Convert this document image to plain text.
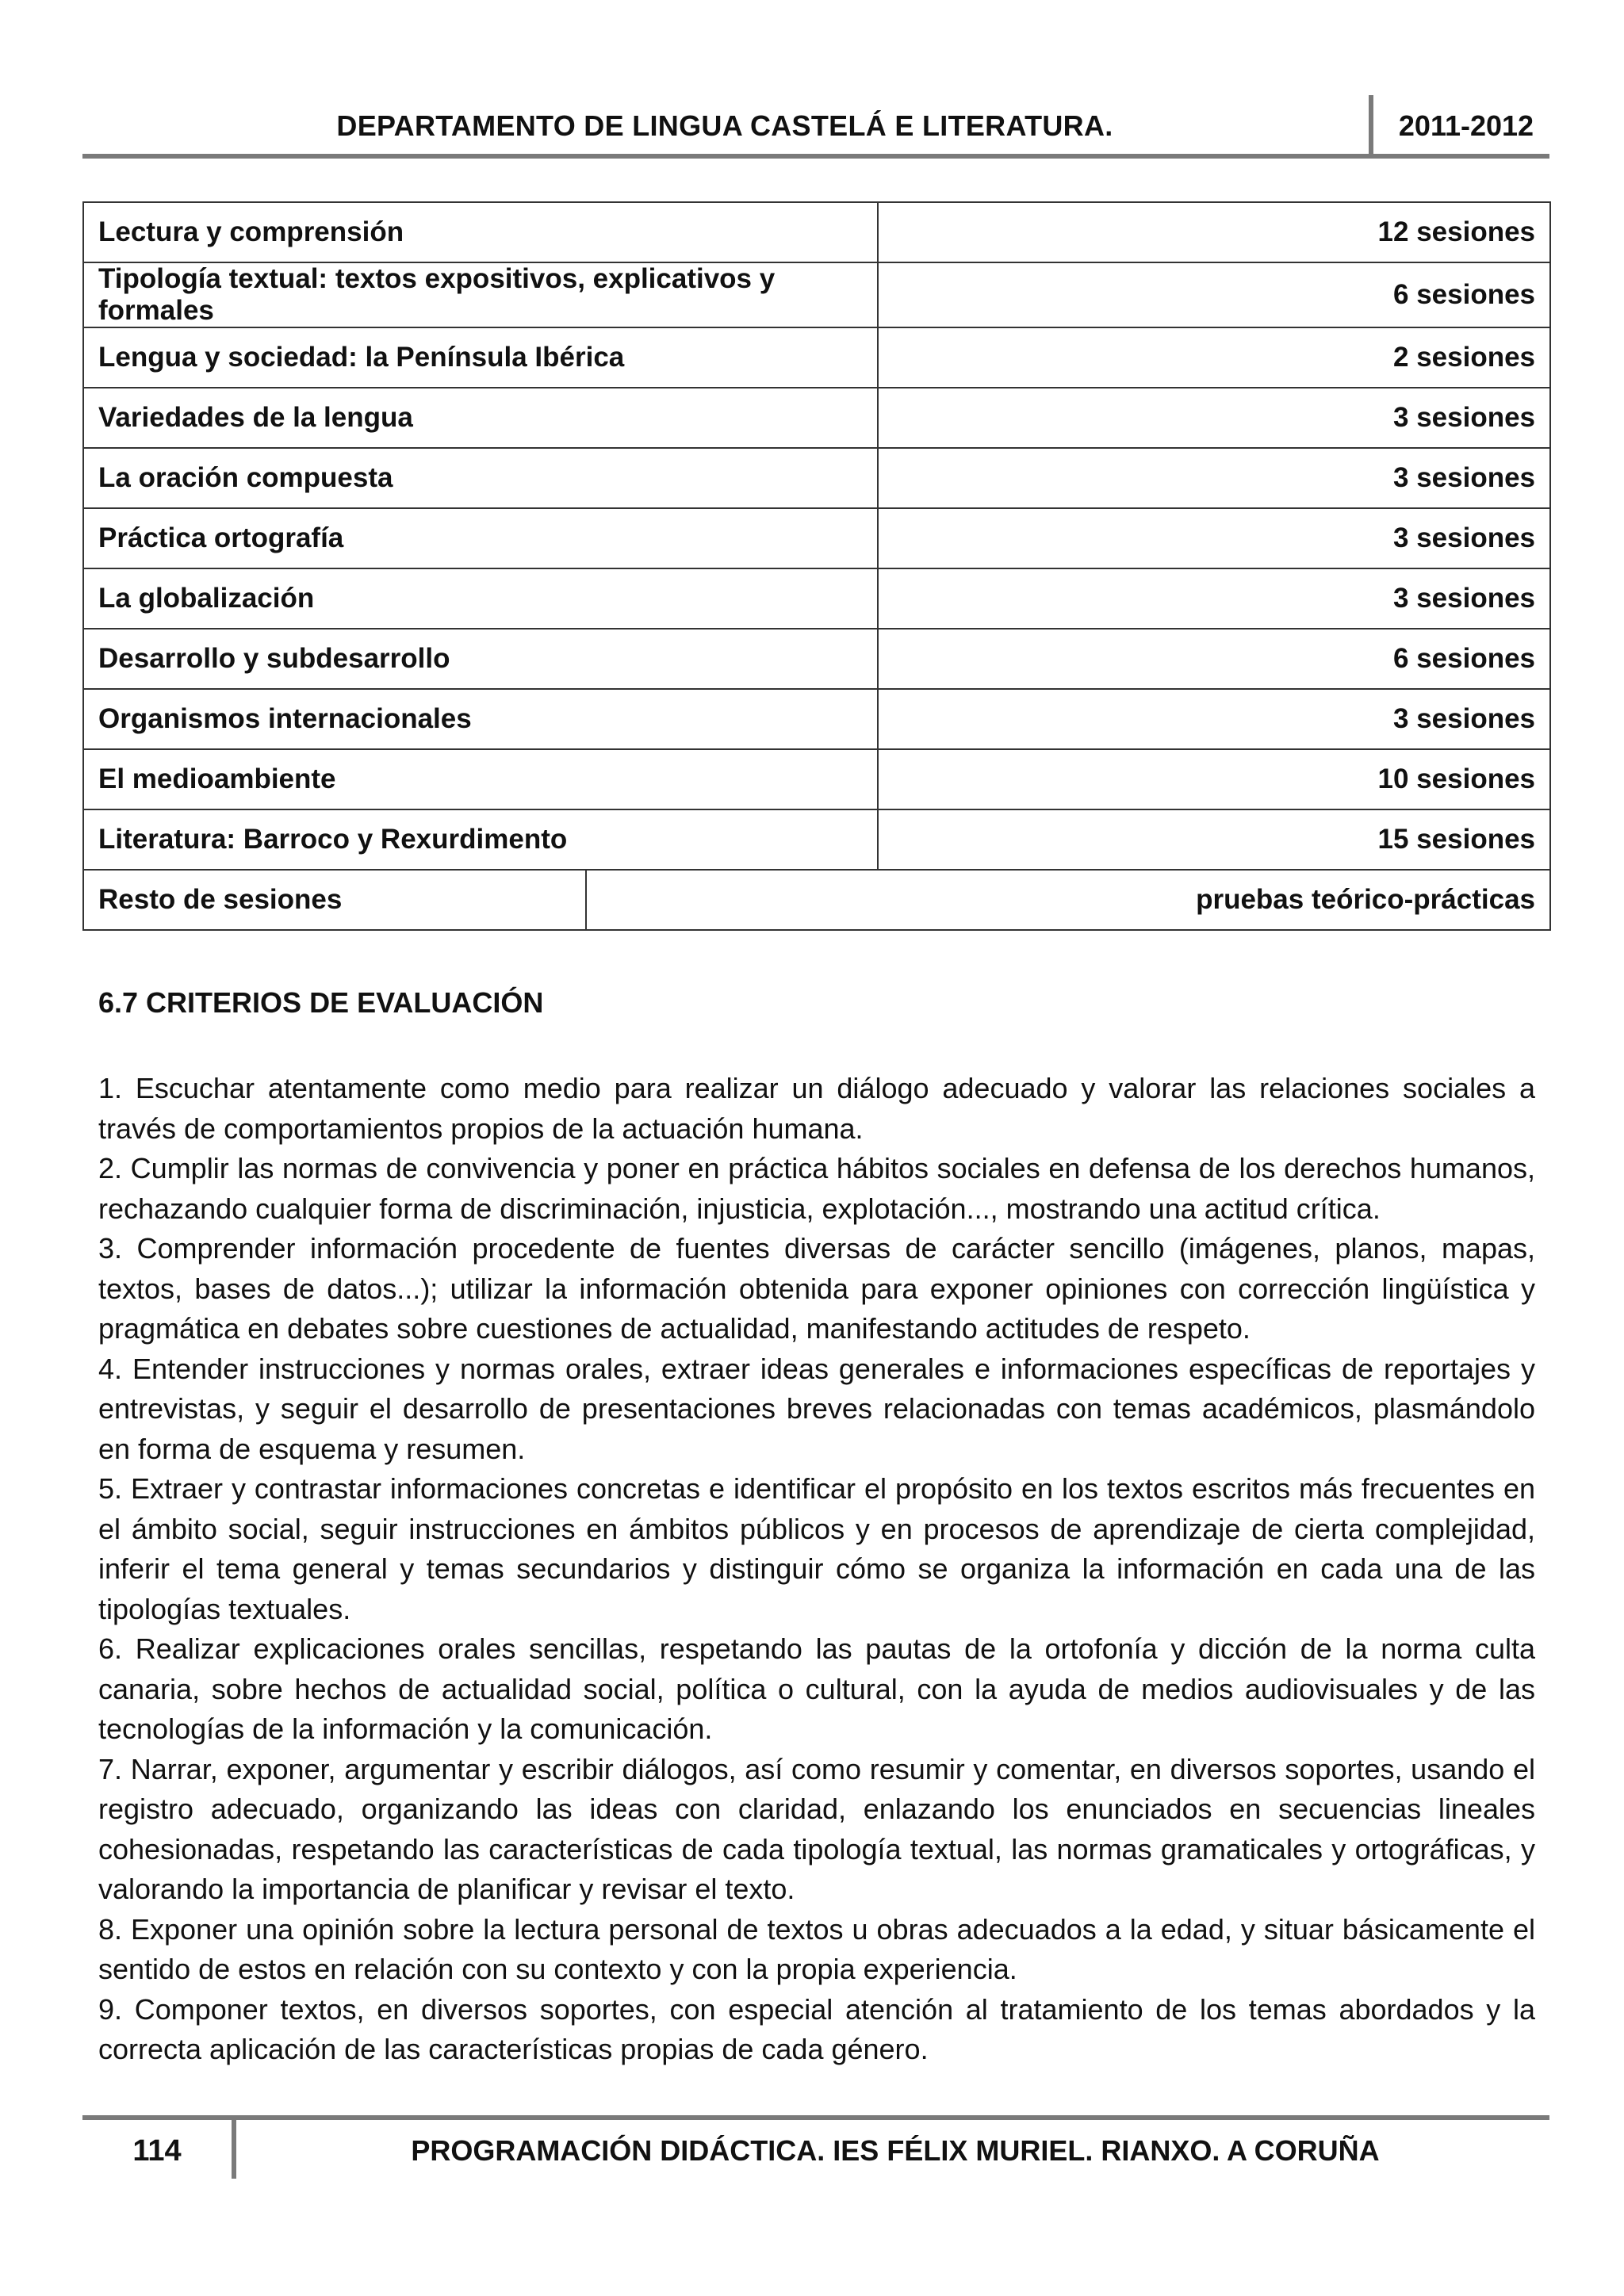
DEPARTAMENTO DE LINGUA CASTELÁ E LITERATURA.	2011-2012
Lectura y comprensión		12 sesiones
Tipología textual: textos expositivos, explicativos y formales		6 sesiones
Lengua y sociedad: la Península Ibérica		2 sesiones
Variedades de la lengua		3 sesiones
La oración compuesta		3 sesiones
Práctica ortografía		3 sesiones
La globalización		3 sesiones
Desarrollo y subdesarrollo		6 sesiones
Organismos internacionales		3 sesiones
El medioambiente		10 sesiones
Literatura: Barroco y Rexurdimento		15 sesiones
Resto de sesiones	pruebas teórico-prácticas	
6.7 CRITERIOS DE EVALUACIÓN

1. Escuchar atentamente como medio para realizar un diálogo adecuado y valorar las relaciones sociales a través de comportamientos propios de la actuación humana.

2. Cumplir las normas de convivencia y poner en práctica hábitos sociales en defensa de los derechos humanos, rechazando cualquier forma de discriminación, injusticia, explotación..., mostrando una actitud crítica.

3. Comprender información procedente de fuentes diversas de carácter sencillo (imágenes, planos, mapas, textos, bases de datos...); utilizar la información obtenida para exponer opiniones con corrección lingüística y pragmática en debates sobre cuestiones de actualidad, manifestando actitudes de respeto.

4. Entender instrucciones y normas orales, extraer ideas generales e informaciones específicas de reportajes y entrevistas, y seguir el desarrollo de presentaciones breves relacionadas con temas académicos, plasmándolo en forma de esquema y resumen.

5. Extraer y contrastar informaciones concretas e identificar el propósito en los textos escritos más frecuentes en el ámbito social, seguir instrucciones en ámbitos públicos y en procesos de aprendizaje de cierta complejidad, inferir el tema general y temas secundarios y distinguir cómo se organiza la información en cada una de las tipologías textuales.

6. Realizar explicaciones orales sencillas, respetando las pautas de la ortofonía y dicción de la norma culta canaria, sobre hechos de actualidad social, política o cultural, con la ayuda de medios audiovisuales y de las tecnologías de la información y la comunicación.

7. Narrar, exponer, argumentar y escribir diálogos, así como resumir y comentar, en diversos soportes, usando el registro adecuado, organizando las ideas con claridad, enlazando los enunciados en secuencias lineales cohesionadas, respetando las características de cada tipología textual, las normas gramaticales y ortográficas, y valorando la importancia de planificar y revisar el texto.

8. Exponer una opinión sobre la lectura personal de textos u obras adecuados a la edad, y situar básicamente el sentido de estos en relación con su contexto y con la propia experiencia.

9. Componer textos, en diversos soportes, con especial atención al tratamiento de los temas abordados y la correcta aplicación de las características propias de cada género.

114	PROGRAMACIÓN DIDÁCTICA. IES FÉLIX MURIEL. RIANXO. A CORUÑA
